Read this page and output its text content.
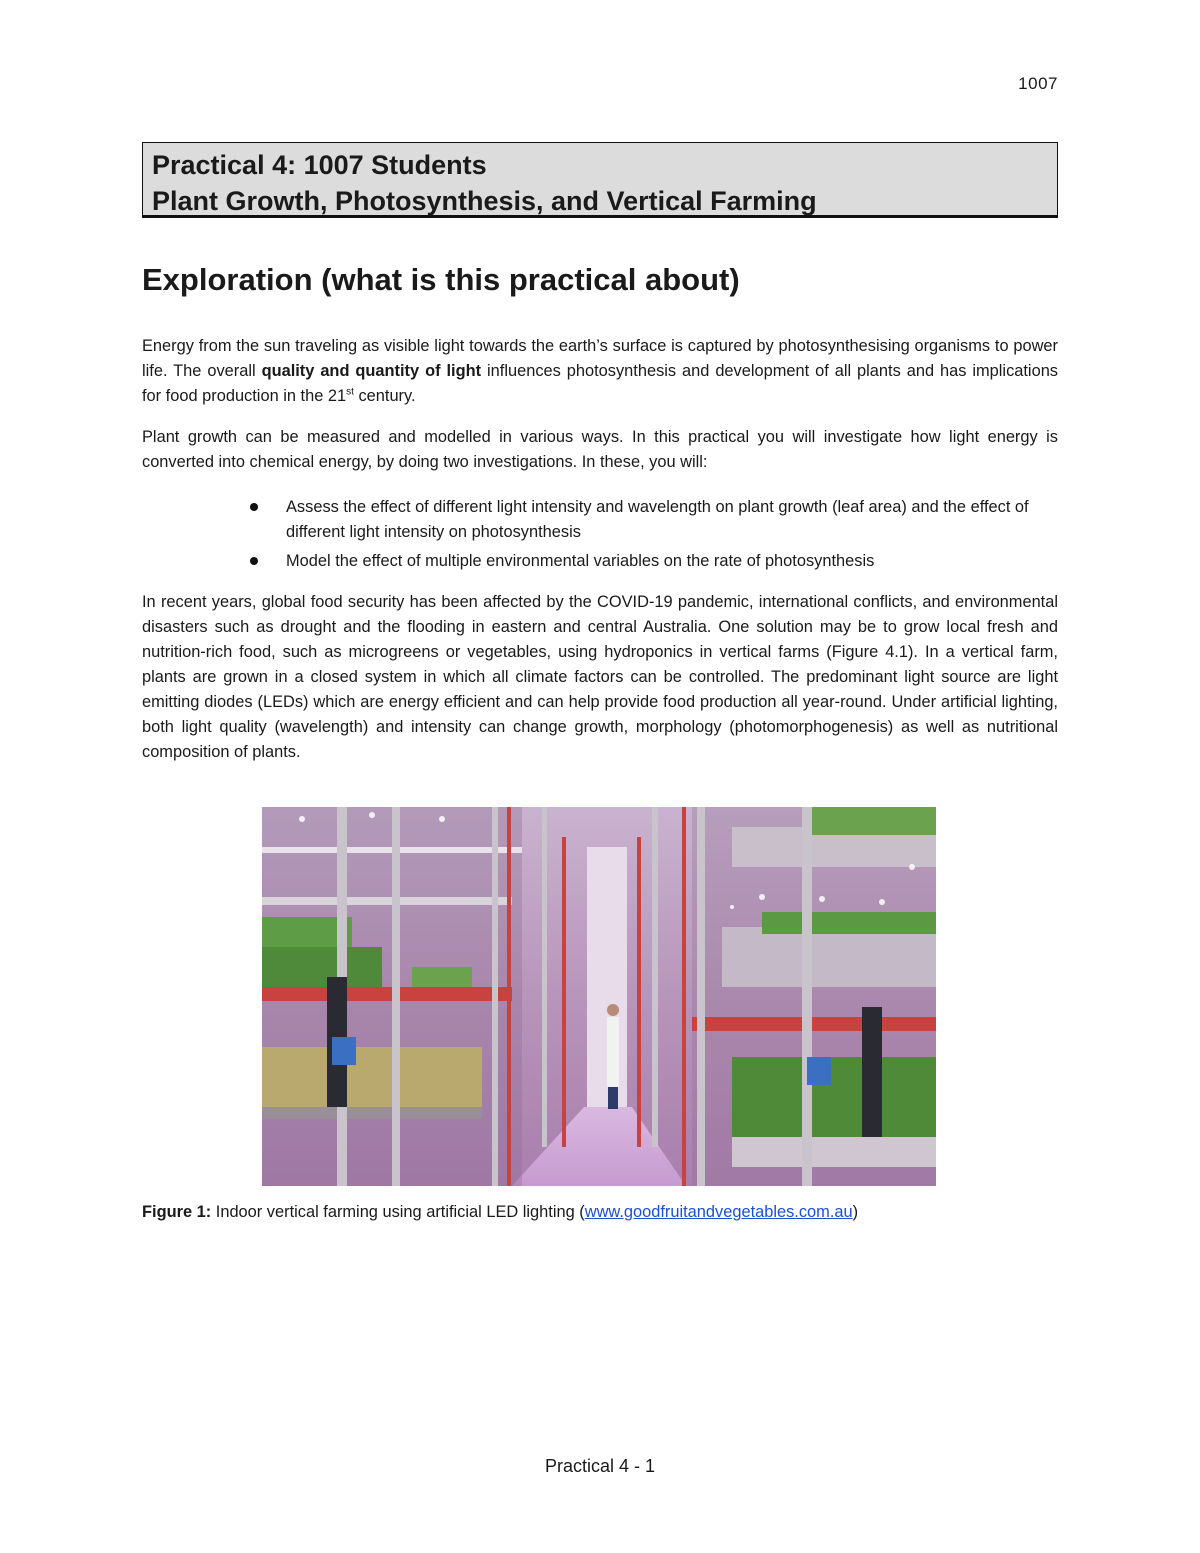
1007
Practical 4: 1007 Students
Plant Growth, Photosynthesis, and Vertical Farming
Exploration (what is this practical about)

Energy from the sun traveling as visible light towards the earth’s surface is captured by photosynthesising organisms to power life. The overall quality and quantity of light influences photosynthesis and development of all plants and has implications for food production in the 21st century.

Plant growth can be measured and modelled in various ways. In this practical you will investigate how light energy is converted into chemical energy, by doing two investigations. In these, you will:

Assess the effect of different light intensity and wavelength on plant growth (leaf area) and the effect of different light intensity on photosynthesis
Model the effect of multiple environmental variables on the rate of photosynthesis

In recent years, global food security has been affected by the COVID-19 pandemic, international conflicts, and environmental disasters such as drought and the flooding in eastern and central Australia. One solution may be to grow local fresh and nutrition-rich food, such as microgreens or vegetables, using hydroponics in vertical farms (Figure 4.1). In a vertical farm, plants are grown in a closed system in which all climate factors can be controlled. The predominant light source are light emitting diodes (LEDs) which are energy efficient and can help provide food production all year-round. Under artificial lighting, both light quality (wavelength) and intensity can change growth, morphology (photomorphogenesis) as well as nutritional composition of plants.

Figure 1: Indoor vertical farming using artificial LED lighting (www.goodfruitandvegetables.com.au)
Practical 4 - 1
